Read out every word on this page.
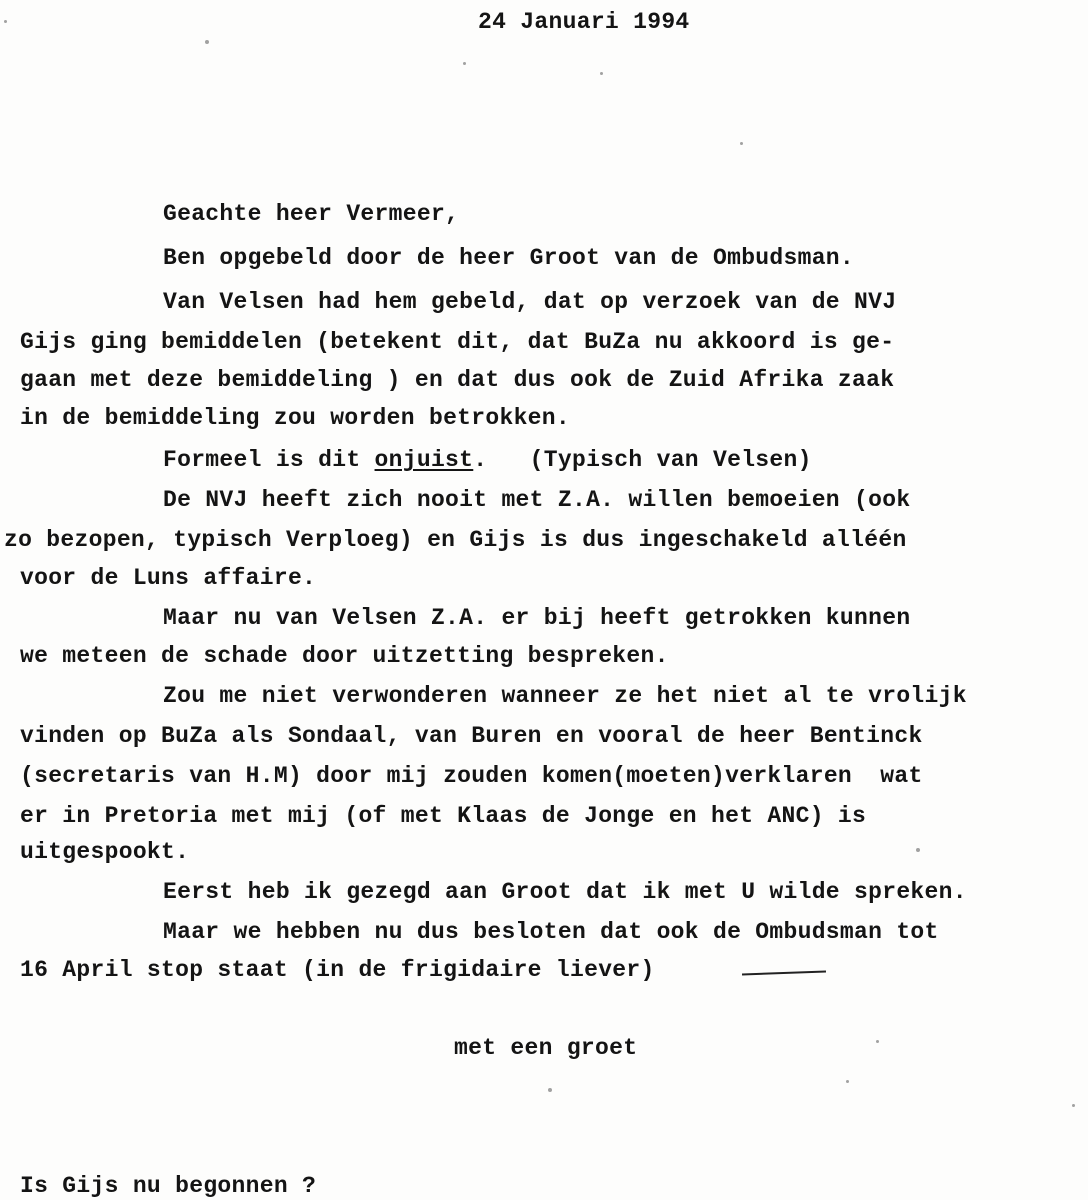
24 Januari 1994
Geachte heer Vermeer,
Ben opgebeld door de heer Groot van de Ombudsman.
Van Velsen had hem gebeld, dat op verzoek van de NVJ
Gijs ging bemiddelen (betekent dit, dat BuZa nu akkoord is ge-
gaan met deze bemiddeling ) en dat dus ook de Zuid Afrika zaak
in de bemiddeling zou worden betrokken.
Formeel is dit onjuist.   (Typisch van Velsen)
De NVJ heeft zich nooit met Z.A. willen bemoeien (ook
zo bezopen, typisch Verploeg) en Gijs is dus ingeschakeld alléén
voor de Luns affaire.
Maar nu van Velsen Z.A. er bij heeft getrokken kunnen
we meteen de schade door uitzetting bespreken.
Zou me niet verwonderen wanneer ze het niet al te vrolijk
vinden op BuZa als Sondaal, van Buren en vooral de heer Bentinck
(secretaris van H.M) door mij zouden komen(moeten)verklaren  wat
er in Pretoria met mij (of met Klaas de Jonge en het ANC) is
uitgespookt.
Eerst heb ik gezegd aan Groot dat ik met U wilde spreken.
Maar we hebben nu dus besloten dat ook de Ombudsman tot
16 April stop staat (in de frigidaire liever)
met een groet
Is Gijs nu begonnen ?
